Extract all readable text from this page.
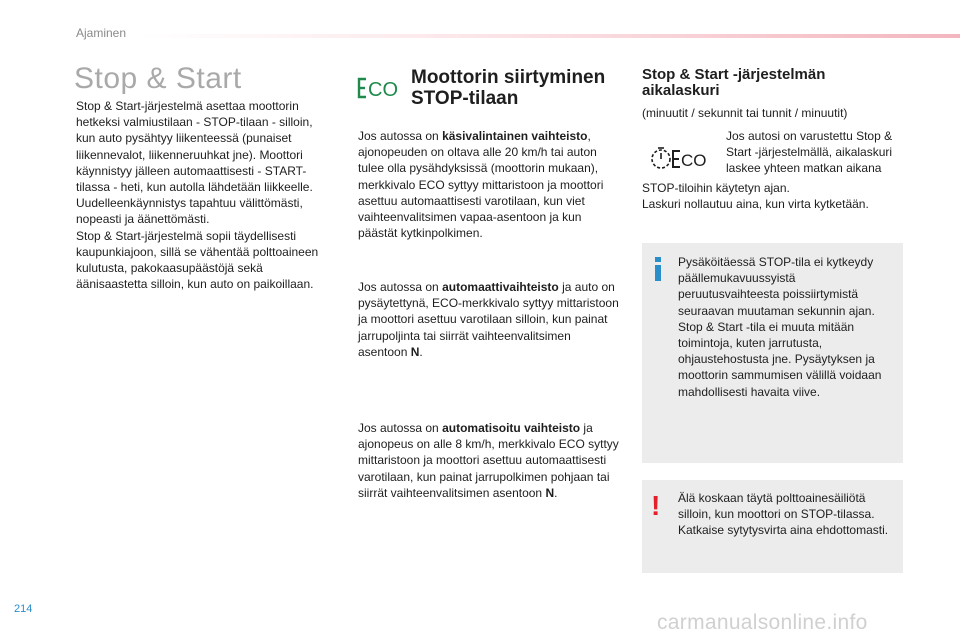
Ajaminen
Stop & Start

Stop & Start-järjestelmä asettaa moottorin hetkeksi valmiustilaan - STOP-tilaan - silloin, kun auto pysähtyy liikenteessä (punaiset liikennevalot, liikenneruuhkat jne). Moottori käynnistyy jälleen automaattisesti - START-tilassa - heti, kun autolla lähdetään liikkeelle. Uudelleenkäynnistys tapahtuu välittömästi, nopeasti ja äänettömästi.

Stop & Start-järjestelmä sopii täydellisesti kaupunkiajoon, sillä se vähentää polttoaineen kulutusta, pakokaasupäästöjä sekä äänisaastetta silloin, kun auto on paikoillaan.

CO
Moottorin siirtyminen STOP-tilaan
Jos autossa on käsivalintainen vaihteisto, ajonopeuden on oltava alle 20 km/h tai auton tulee olla pysähdyksissä (moottorin mukaan), merkkivalo ECO syttyy mittaristoon ja moottori asettuu automaattisesti varotilaan, kun viet vaihteenvalitsimen vapaa-asentoon ja kun päästät kytkinpolkimen.
Jos autossa on automaattivaihteisto ja auto on pysäytettynä, ECO-merkkivalo syttyy mittaristoon ja moottori asettuu varotilaan silloin, kun painat jarrupoljinta tai siirrät vaihteenvalitsimen asentoon N.
Jos autossa on automatisoitu vaihteisto ja ajonopeus on alle 8 km/h, merkkivalo ECO syttyy mittaristoon ja moottori asettuu automaattisesti varotilaan, kun painat jarrupolkimen pohjaan tai siirrät vaihteenvalitsimen asentoon N.
Stop & Start -järjestelmän aikalaskuri
(minuutit / sekunnit tai tunnit / minuutit)
CO
Jos autosi on varustettu Stop & Start -järjestelmällä, aikalaskuri laskee yhteen matkan aikana
STOP-tiloihin käytetyn ajan.
Laskuri nollautuu aina, kun virta kytketään.
Pysäköitäessä STOP-tila ei kytkeydy päällemukavuussyistä peruutusvaihteesta poissiirtymistä seuraavan muutaman sekunnin ajan. Stop & Start -tila ei muuta mitään toimintoja, kuten jarrutusta, ohjaustehostusta jne. Pysäytyksen ja moottorin sammumisen välillä voidaan mahdollisesti havaita viive.
! Älä koskaan täytä polttoainesäiliötä silloin, kun moottori on STOP-tilassa. Katkaise sytytysvirta aina ehdottomasti.
214
carmanualsonline.info
